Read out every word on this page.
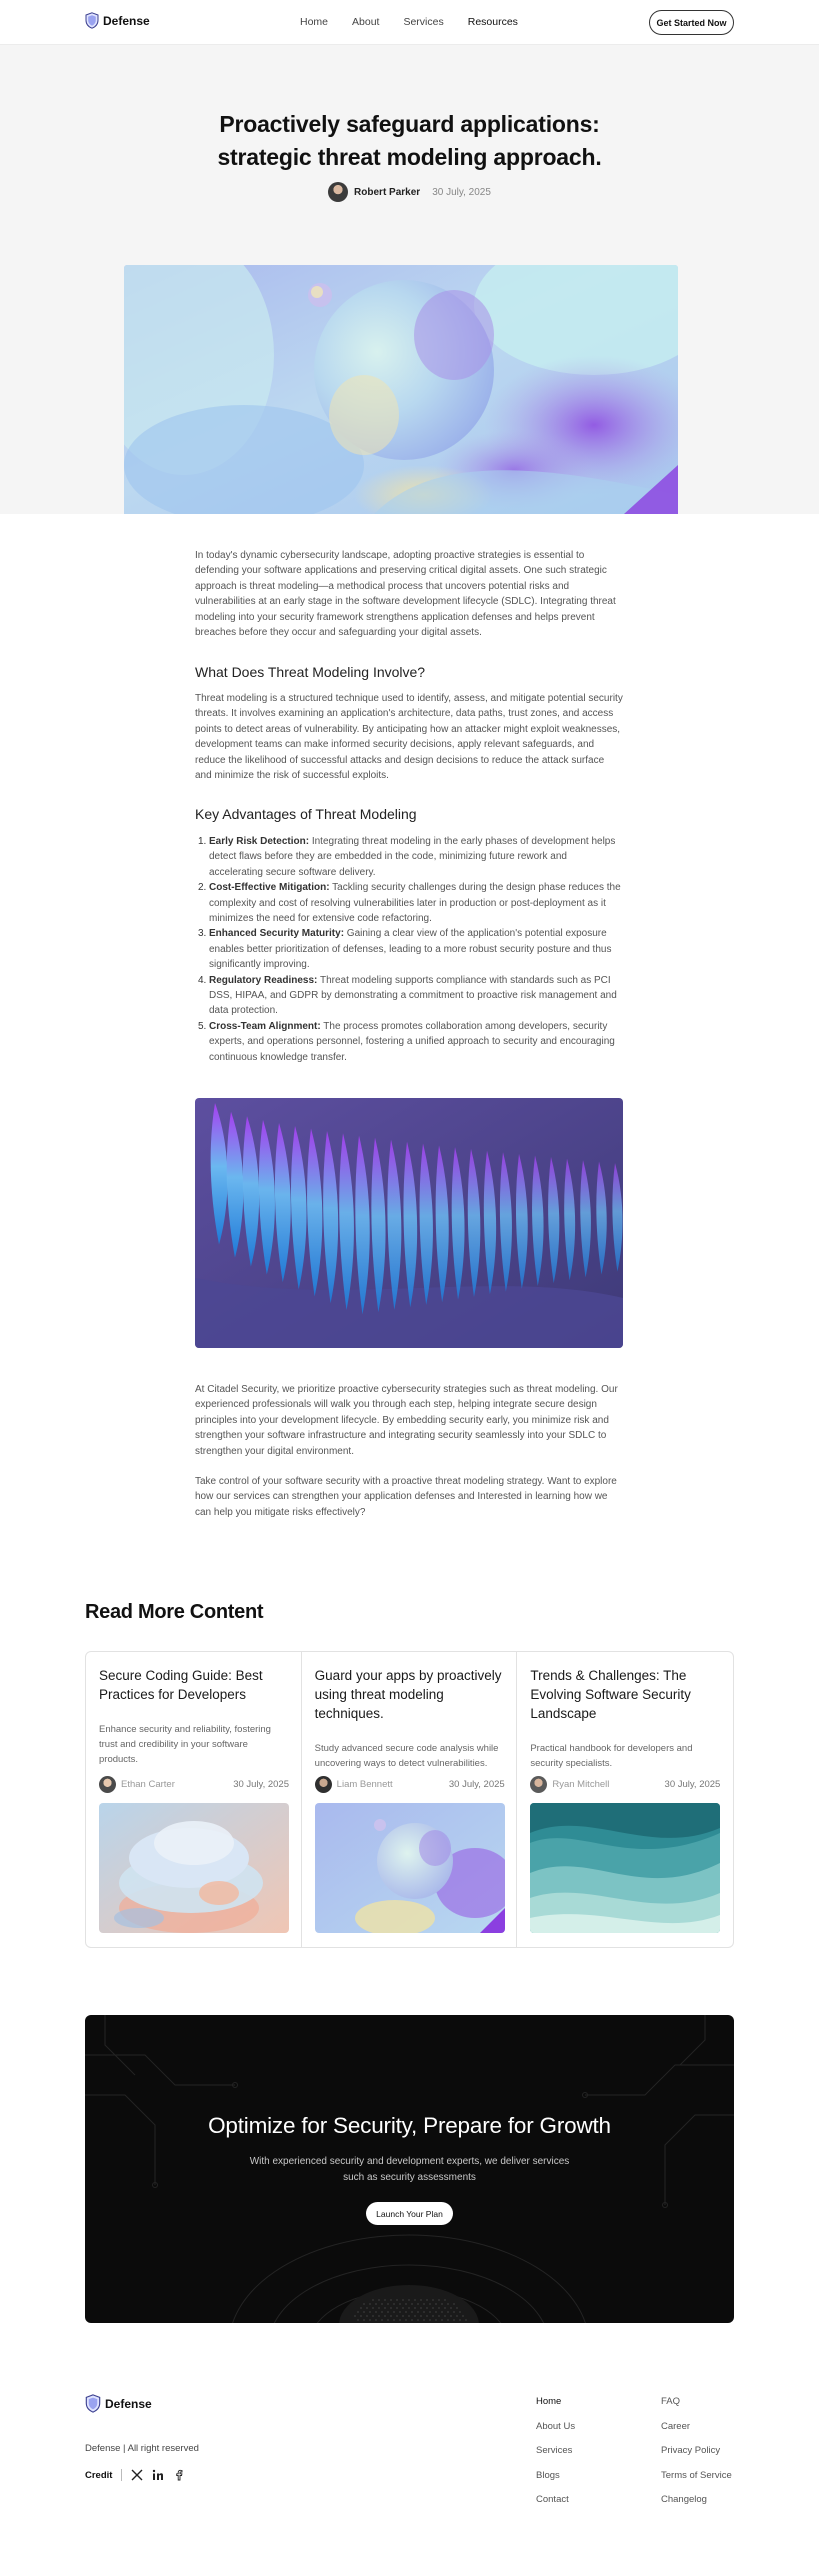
Defense	Home About Services Resources	Get Started Now
Proactively safeguard applications:
strategic threat modeling approach.
Robert Parker 30 July, 2025

In today's dynamic cybersecurity landscape, adopting proactive strategies is essential to defending your software applications and preserving critical digital assets. One such strategic approach is threat modeling—a methodical process that uncovers potential risks and vulnerabilities at an early stage in the software development lifecycle (SDLC). Integrating threat modeling into your security framework strengthens application defenses and helps prevent breaches before they occur and safeguarding your digital assets.

What Does Threat Modeling Involve?

Threat modeling is a structured technique used to identify, assess, and mitigate potential security threats. It involves examining an application's architecture, data paths, trust zones, and access points to detect areas of vulnerability. By anticipating how an attacker might exploit weaknesses, development teams can make informed security decisions, apply relevant safeguards, and reduce the likelihood of successful attacks and design decisions to reduce the attack surface and minimize the risk of successful exploits.

Key Advantages of Threat Modeling
1. Early Risk Detection: Integrating threat modeling in the early phases of development helps detect flaws before they are embedded in the code, minimizing future rework and accelerating secure software delivery.
2. Cost-Effective Mitigation: Tackling security challenges during the design phase reduces the complexity and cost of resolving vulnerabilities later in production or post-deployment as it minimizes the need for extensive code refactoring.
3. Enhanced Security Maturity: Gaining a clear view of the application's potential exposure enables better prioritization of defenses, leading to a more robust security posture and thus significantly improving.
4. Regulatory Readiness: Threat modeling supports compliance with standards such as PCI DSS, HIPAA, and GDPR by demonstrating a commitment to proactive risk management and data protection.
5. Cross-Team Alignment: The process promotes collaboration among developers, security experts, and operations personnel, fostering a unified approach to security and encouraging continuous knowledge transfer.

At Citadel Security, we prioritize proactive cybersecurity strategies such as threat modeling. Our experienced professionals will walk you through each step, helping integrate secure design principles into your development lifecycle. By embedding security early, you minimize risk and strengthen your software infrastructure and integrating security seamlessly into your SDLC to strengthen your digital environment.

Take control of your software security with a proactive threat modeling strategy. Want to explore how our services can strengthen your application defenses and Interested in learning how we can help you mitigate risks effectively?

Read More Content
Secure Coding Guide: Best Practices for Developers
Enhance security and reliability, fostering trust and credibility in your software products.
Ethan Carter	30 July, 2025
Guard your apps by proactively using threat modeling techniques.
Study advanced secure code analysis while uncovering ways to detect vulnerabilities.
Liam Bennett	30 July, 2025
Trends & Challenges: The Evolving Software Security Landscape
Practical handbook for developers and security specialists.
Ryan Mitchell	30 July, 2025
Optimize for Security, Prepare for Growth
With experienced security and development experts, we deliver services
such as security assessments
Launch Your Plan
Defense
Defense | All right reserved
Credit
Home
About Us
Services
Blogs
Contact
FAQ
Career
Privacy Policy
Terms of Service
Changelog
